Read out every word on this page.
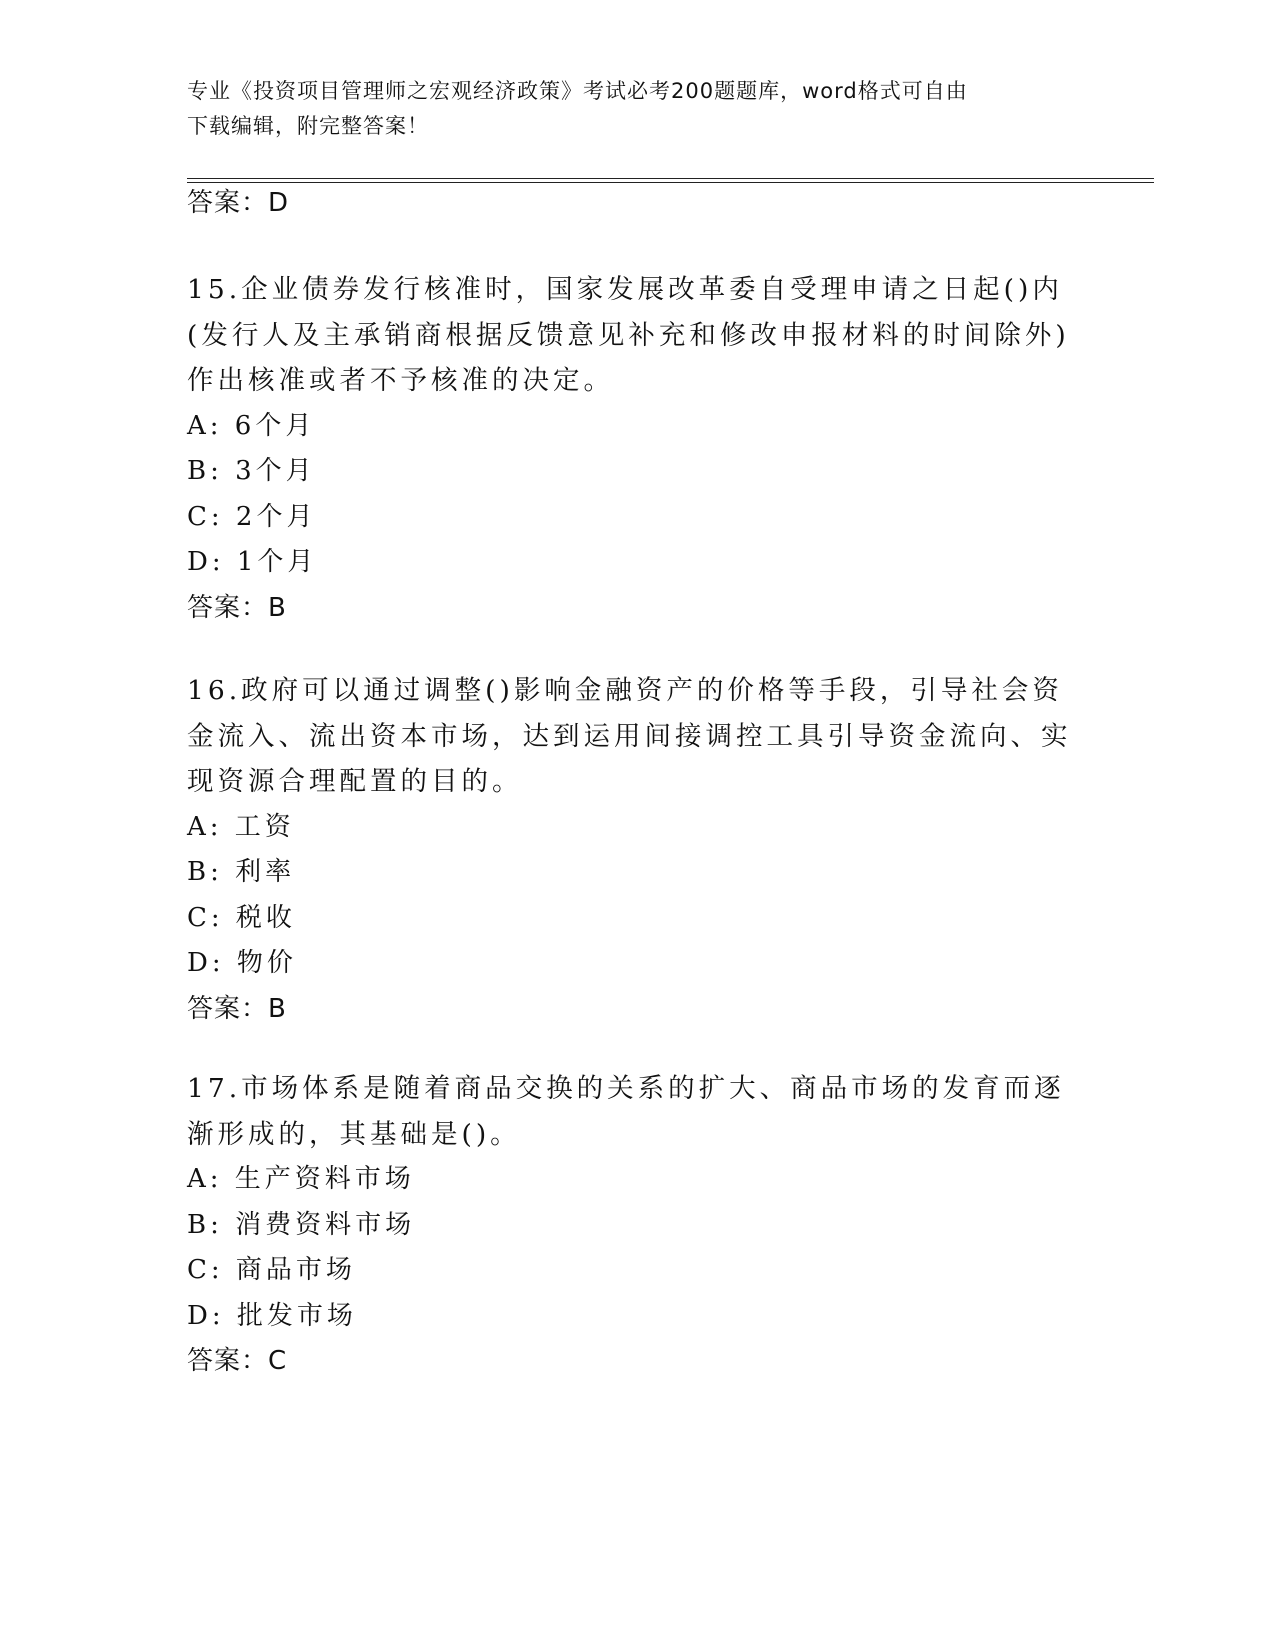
专业《投资项目管理师之宏观经济政策》考试必考200题题库，word格式可自由
下载编辑，附完整答案！
答案：D

15.企业债券发行核准时，国家发展改革委自受理申请之日起()内(发行人及主承销商根据反馈意见补充和修改申报材料的时间除外)作出核准或者不予核准的决定。

A: 6个月

B: 3个月

C: 2个月

D: 1个月

答案：B

16.政府可以通过调整()影响金融资产的价格等手段，引导社会资金流入、流出资本市场，达到运用间接调控工具引导资金流向、实现资源合理配置的目的。

A: 工资

B: 利率

C: 税收

D: 物价

答案：B

17.市场体系是随着商品交换的关系的扩大、商品市场的发育而逐渐形成的，其基础是()。

A: 生产资料市场

B: 消费资料市场

C: 商品市场

D: 批发市场

答案：C
